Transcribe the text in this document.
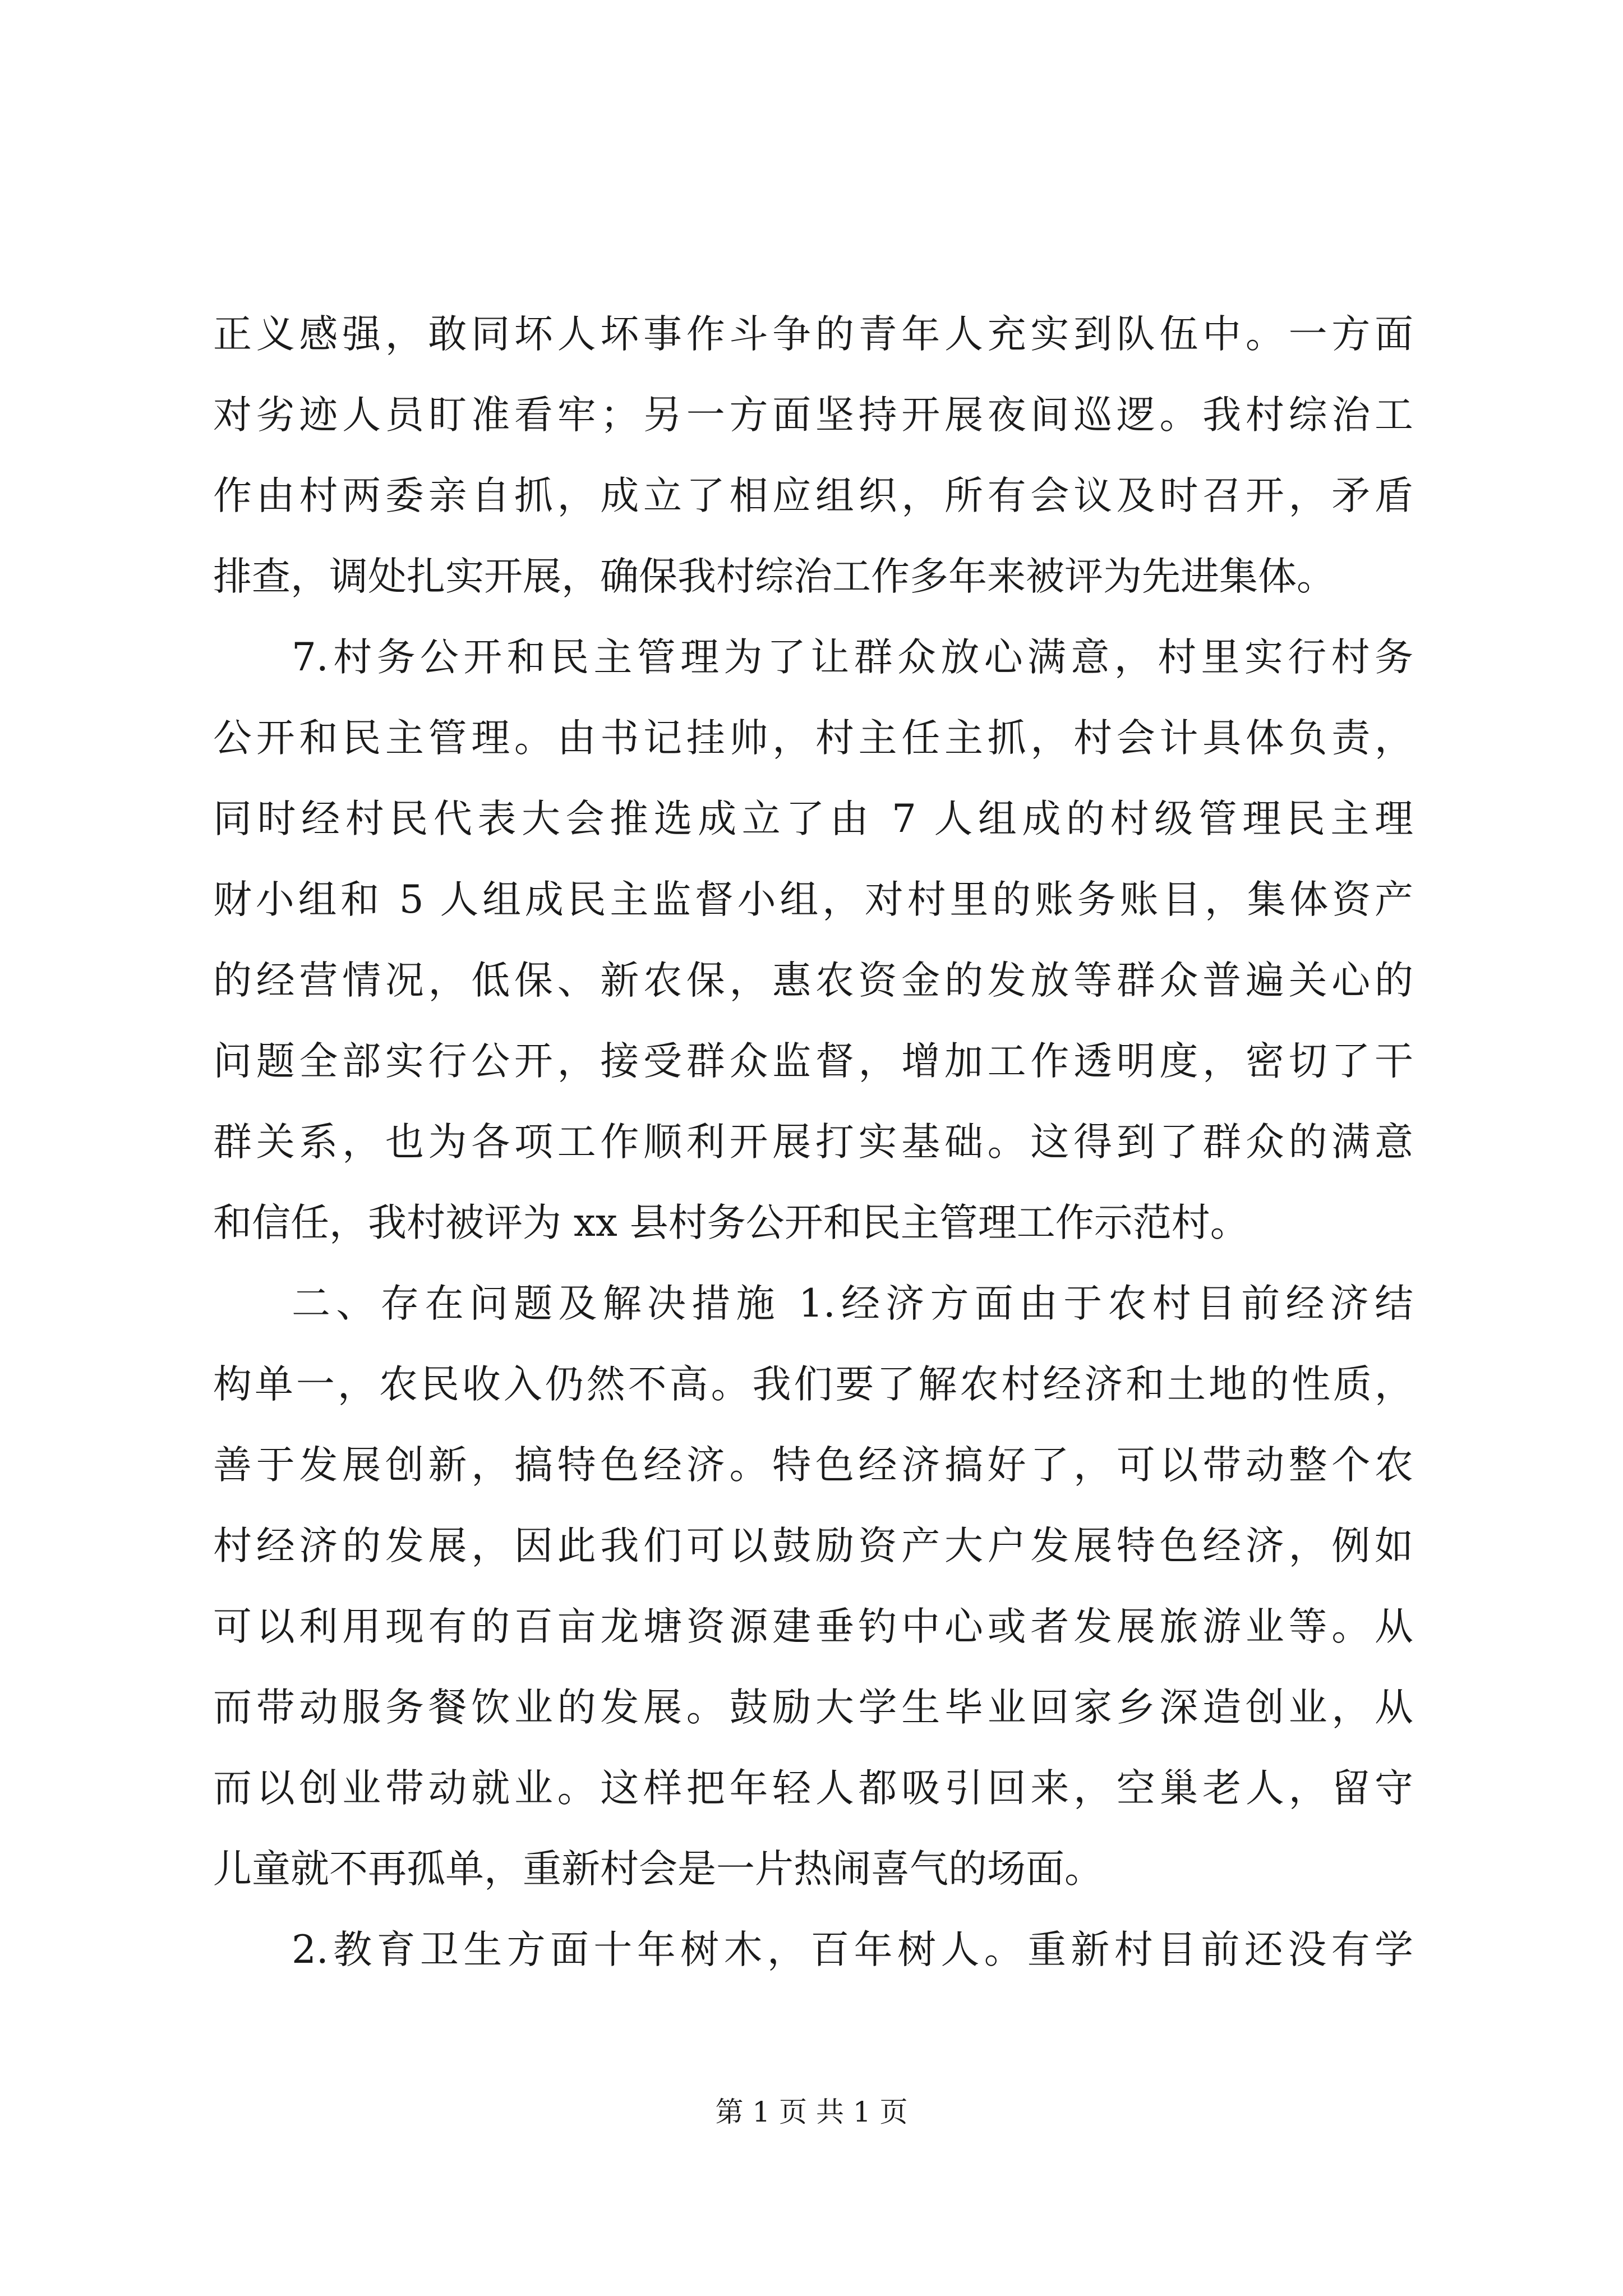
正义感强，敢同坏人坏事作斗争的青年人充实到队伍中。一方面
对劣迹人员盯准看牢；另一方面坚持开展夜间巡逻。我村综治工
作由村两委亲自抓，成立了相应组织，所有会议及时召开，矛盾
排查，调处扎实开展，确保我村综治工作多年来被评为先进集体。
7.村务公开和民主管理为了让群众放心满意，村里实行村务
公开和民主管理。由书记挂帅，村主任主抓，村会计具体负责，
同时经村民代表大会推选成立了由 7 人组成的村级管理民主理
财小组和 5 人组成民主监督小组，对村里的账务账目，集体资产
的经营情况，低保、新农保，惠农资金的发放等群众普遍关心的
问题全部实行公开，接受群众监督，增加工作透明度，密切了干
群关系，也为各项工作顺利开展打实基础。这得到了群众的满意
和信任，我村被评为 xx 县村务公开和民主管理工作示范村。
二、存在问题及解决措施 1.经济方面由于农村目前经济结
构单一，农民收入仍然不高。我们要了解农村经济和土地的性质，
善于发展创新，搞特色经济。特色经济搞好了，可以带动整个农
村经济的发展，因此我们可以鼓励资产大户发展特色经济，例如
可以利用现有的百亩龙塘资源建垂钓中心或者发展旅游业等。从
而带动服务餐饮业的发展。鼓励大学生毕业回家乡深造创业，从
而以创业带动就业。这样把年轻人都吸引回来，空巢老人，留守
儿童就不再孤单，重新村会是一片热闹喜气的场面。
2.教育卫生方面十年树木，百年树人。重新村目前还没有学
第 1 页 共 1 页
